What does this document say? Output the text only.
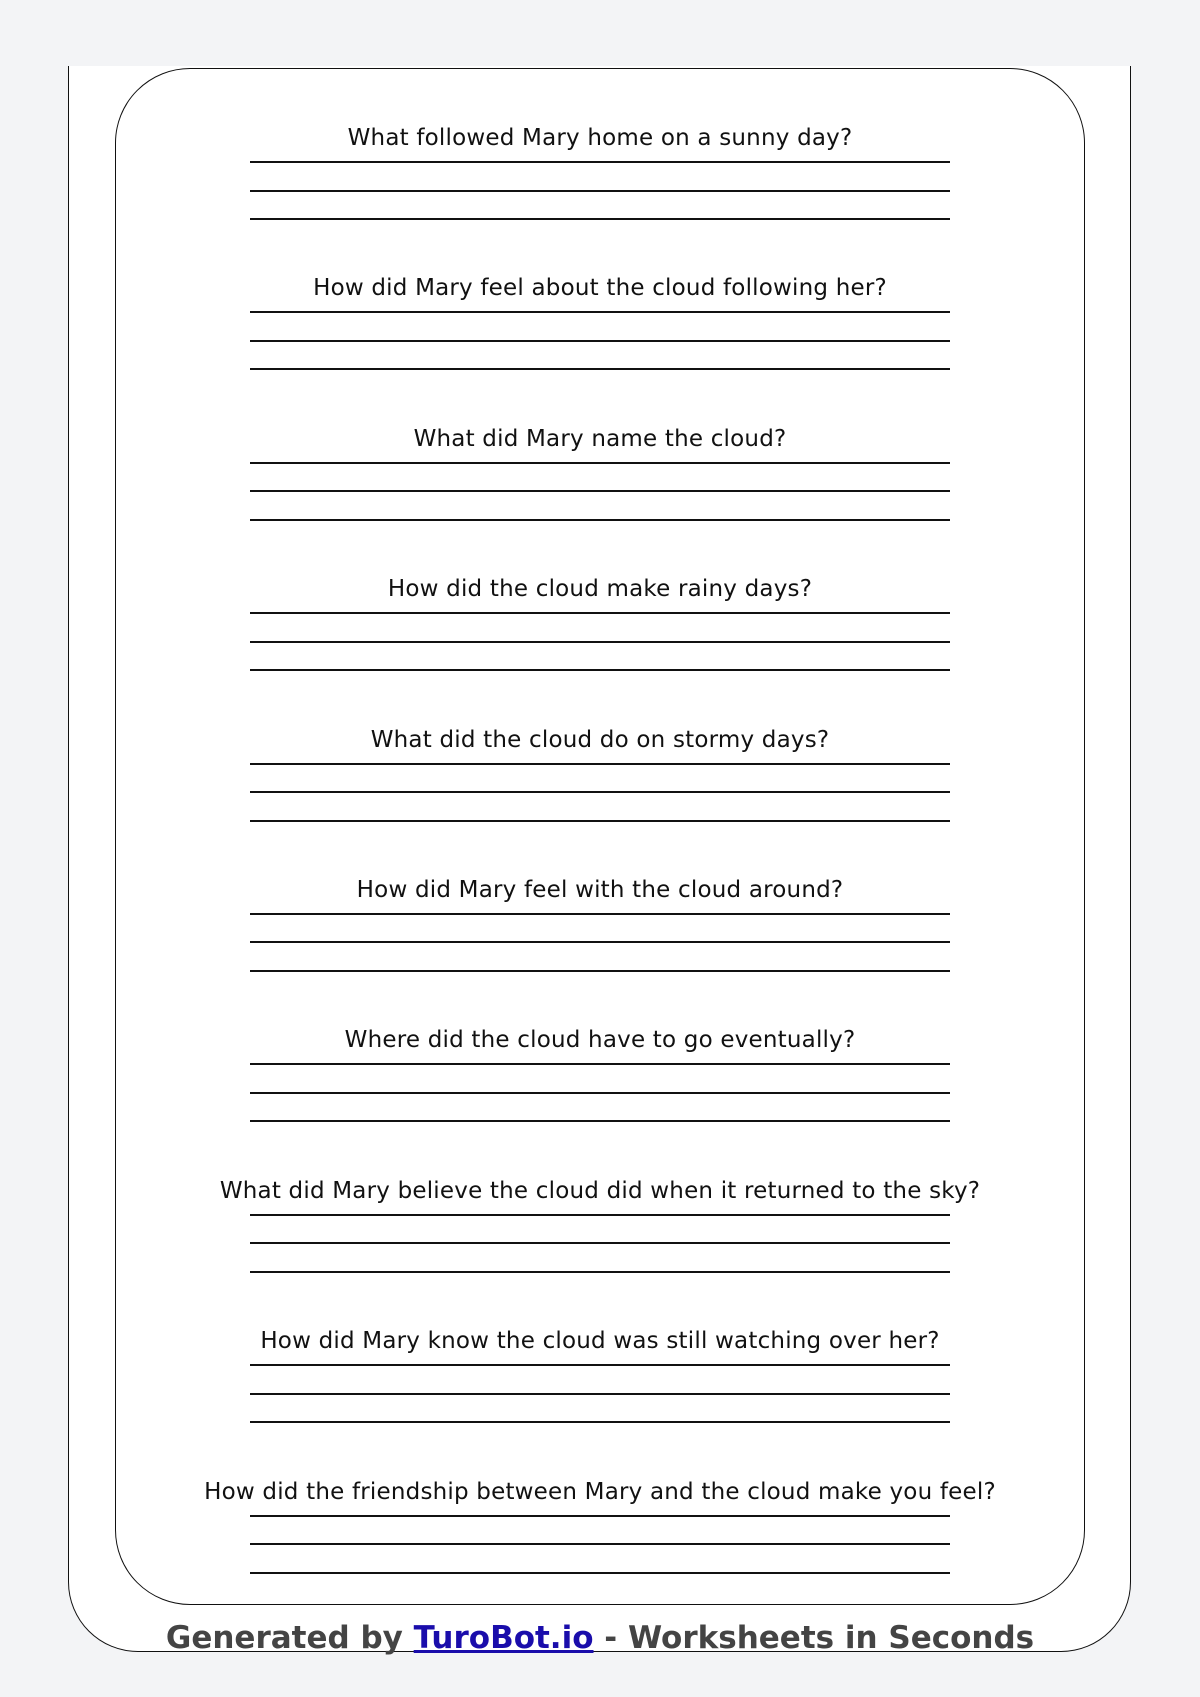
What followed Mary home on a sunny day?
How did Mary feel about the cloud following her?
What did Mary name the cloud?
How did the cloud make rainy days?
What did the cloud do on stormy days?
How did Mary feel with the cloud around?
Where did the cloud have to go eventually?
What did Mary believe the cloud did when it returned to the sky?
How did Mary know the cloud was still watching over her?
How did the friendship between Mary and the cloud make you feel?
Generated by TuroBot.io - Worksheets in Seconds
